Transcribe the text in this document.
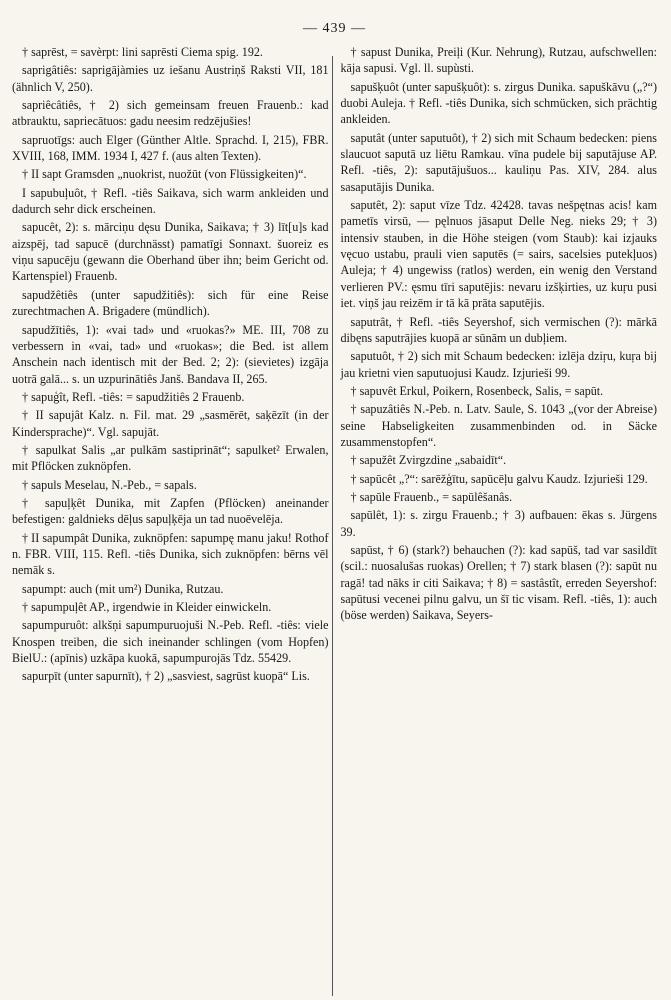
— 439 —

† saprēst, = savèrpt: lini saprēsti Ciema spig. 192.

saprigâtiês: saprigājàmies uz iešanu Austriņš Raksti VII, 181 (ähnlich V, 250).

sapriêcâtiês, † 2) sich gemeinsam freuen Frauenb.: kad atbrauktu, sapriecātuos: gadu neesim redzējušies!

sapruotīgs: auch Elger (Günther Altle. Sprachd. I, 215), FBR. XVIII, 168, IMM. 1934 I, 427 f. (aus alten Texten).

† II sapt Gramsden „nuokrist, nuožūt (von Flüssigkeiten)“.

I sapubuļuôt, † Refl. -tiês Saikava, sich warm ankleiden und dadurch sehr dick erscheinen.

sapucêt, 2): s. mārciņu dęsu Dunika, Saikava; † 3) līt[u]s kad aizspēj, tad sapucē (durchnässt) pamatīgi Sonnaxt. šuoreiz es viņu sapucēju (gewann die Oberhand über ihn; beim Gericht od. Kartenspiel) Frauenb.

sapudžêtiês (unter sapudžitiês): sich für eine Reise zurechtmachen A. Brigadere (mündlich).

sapudžītiês, 1): «vai tad» und «ruokas?» ME. III, 708 zu verbessern in «vai, tad» und «ruokas»; die Bed. ist allem Anschein nach identisch mit der Bed. 2; 2): (sievietes) izgāja uotrā galā... s. un uzpurinātiês Janš. Bandava II, 265.

† sapuģît, Refl. -tiês: = sapudžitiês 2 Frauenb.

† II sapujât Kalz. n. Fil. mat. 29 „sasmērēt, saķēzīt (in der Kindersprache)“. Vgl. sapujāt.

† sapulkat Salis „ar pulkām sastiprināt“; sapulket² Erwalen, mit Pflöcken zuknöpfen.

† sapuls Meselau, N.-Peb., = sapals.

† sapuļķêt Dunika, mit Zapfen (Pflöcken) aneinander befestigen: galdnieks dēļus sapuļķēja un tad nuoēvelēja.

† II sapumpât Dunika, zuknöpfen: sapumpę manu jaku! Rothof n. FBR. VIII, 115. Refl. -tiês Dunika, sich zuknöpfen: bērns vēl nemāk s.

sapumpt: auch (mit um²) Dunika, Rutzau.

† sapumpuļêt AP., irgendwie in Kleider einwickeln.

sapumpuruôt: alkšņi sapumpuruojuši N.-Peb. Refl. -tiês: viele Knospen treiben, die sich ineinander schlingen (vom Hopfen) BielU.: (apīnis) uzkāpa kuokā, sapumpurojās Tdz. 55429.

sapurpīt (unter sapurnīt), † 2) „sasviest, sagrūst kuopā“ Lis.

† sapust Dunika, Preiļi (Kur. Nehrung), Rutzau, aufschwellen: kāja sapusi. Vgl. ll. supùsti.

sapušķuôt (unter sapušķuôt): s. zirgus Dunika. sapuškāvu („?“) duobi Auleja. † Refl. -tiês Dunika, sich schmücken, sich prächtig ankleiden.

saputât (unter saputuôt), † 2) sich mit Schaum bedecken: piens slaucuot saputā uz liētu Ramkau. vīna pudele bij saputājuse AP. Refl. -tiês, 2): saputājušuos... kauliņu Pas. XIV, 284. alus sasaputājis Dunika.

saputêt, 2): saput vīze Tdz. 42428. tavas nešpętnas acis! kam pametīs virsū, — pęlnuos jāsaput Delle Neg. nieks 29; † 3) intensiv stauben, in die Höhe steigen (vom Staub): kai izjauks vęcuo ustabu, prauli vien saputēs (= sairs, sacelsies putekļuos) Auleja; † 4) ungewiss (ratlos) werden, ein wenig den Verstand verlieren PV.: ęsmu tīri saputējis: nevaru izšķirties, uz kuŗu pusi iet. viņš jau reizēm ir tā kā prāta saputējis.

saputrât, † Refl. -tiês Seyershof, sich vermischen (?): mārkā dibęns saputrājies kuopā ar sūnām un dubļiem.

saputuôt, † 2) sich mit Schaum bedecken: izlēja dziŗu, kuŗa bij jau krietni vien saputuojusi Kaudz. Izjurieši 99.

† sapuvêt Erkul, Poikern, Rosenbeck, Salis, = sapūt.

† sapuzâtiês N.-Peb. n. Latv. Saule, S. 1043 „(vor der Abreise) seine Habseligkeiten zusammenbinden od. in Säcke zusammenstopfen“.

† sapužêt Zvirgzdine „sabaidīt“.

† sapūcêt „?“: sarēžģītu, sapūcēļu galvu Kaudz. Izjurieši 129.

† sapūle Frauenb., = sapūlêšanâs.

sapūlêt, 1): s. zirgu Frauenb.; † 3) aufbauen: ēkas s. Jürgens 39.

sapūst, † 6) (stark?) behauchen (?): kad sapūš, tad var sasildīt (scil.: nuosalušas ruokas) Orellen; † 7) stark blasen (?): sapūt nu ragā! tad nāks ir citi Saikava; † 8) = sastâstît, erreden Seyershof: sapūtusi vecenei pilnu galvu, un šī tic visam. Refl. -tiês, 1): auch (böse werden) Saikava, Seyers-
